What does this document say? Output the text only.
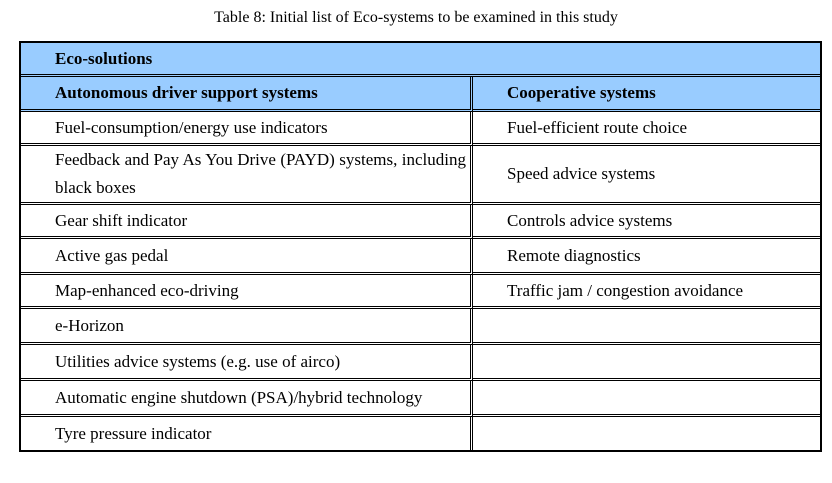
Table 8: Initial list of Eco-systems to be examined in this study
Eco-solutions	
Autonomous driver support systems	Cooperative systems
Fuel-consumption/energy use indicators	Fuel-efficient route choice

Feedback and Pay As You Drive (PAYD) systems, including black boxes	Speed advice systems

Gear shift indicator	Controls advice systems
Active gas pedal	Remote diagnostics
Map-enhanced eco-driving	Traffic jam / congestion avoidance
e-Horizon	
Utilities advice systems (e.g. use of airco)	
Automatic engine shutdown (PSA)/hybrid technology	
Tyre pressure indicator	
